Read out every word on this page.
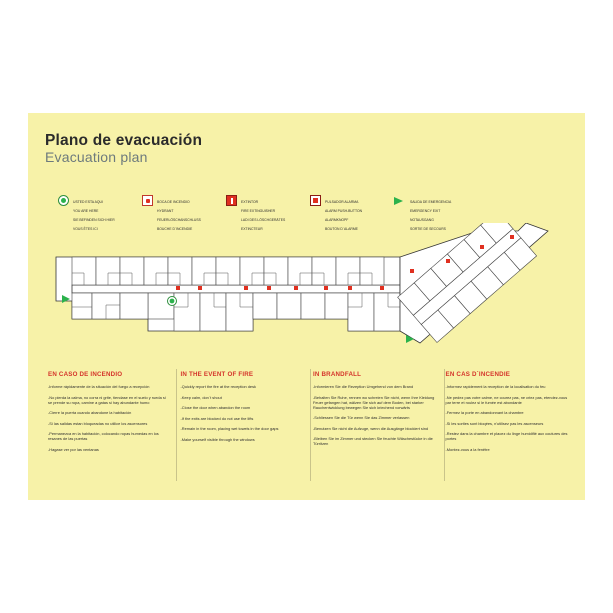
Plano de evacuación
Evacuation plan

USTED ESTA AQUI

YOU ARE HERE

SIE BEFINDEN SICH HIER

VOUS ÊTES ICI

BOCA DE INCENDIO

HYDRANT

FEUERLÖSCHANSCHLUSS

BOUCHE D´INCENDIE

EXTINTOR

FIRE EXTINGUISHER

LADI DES LÖSCHGERÄTES

EXTINCTEUR

PULSADOR ALARMA

ALARM PUSH-BUTTON

ALARMKNOPF

BOUTON D´ALARME

SALIDA DE EMERGENCIA

EMERGENCY EXIT

NOTAUSGANG

SORTIE DE SECOURS

EN CASO DE INCENDIO

-Informe rápidamente de la situación del fuego a recepción

-No pierda la calma, no corra ni grite, tiendase en el suelo y rueda si se prende su ropa, camine a gatas si hay abundante humo

-Cierre la puerta cuando abandone la habitación

-Si las salidas estan bloqueadas no utilice los ascensores

-Permanezca en la habitación, colocando ropas humedas en los resanes de las puertas

-Hagase ver por las ventanas

IN THE EVENT OF FIRE

-Quickly report the fire at the reception desk

-Keep calm, don´t shout

-Close the door when abandon the room

-If the exits are blocked do not use the lifts

-Remain in the room, placing wet towels in the door gaps

-Make yourself visible through the windows

IN BRANDFALL

-Informieren Sie die Rezeption Umgehend von dem Brand

-Behalten Sie Ruhe, rennen wo schreien Sie nicht, wenn Ihre Kleidung Feuer gefangen hat, wälzen Sie sich auf dem Boden, bei starker Rauchentwicklung bewegen Sie sich kriechend vorwärts

-Schliessen Sie die Tür wenn Sie das Zimmer verlassen

-Benutzen Sie nicht die Aufzuge, wenn die Ausgänge blockiert sind

-Bleiben Sie im Zimmer und stecken Sie feuchte Wäschestücke in die Türritzen

EN CAS D´INCENDIE

-Informez rapidement la reception de la localisation du feu

-Ne pedez pas votre calme, ne courez pas, ne criez pas, etendez-vous par terre et roulez si le fumée est abondante

-Fermez la porte en abandonnant la chambre

-Si les sorties sont bloqées, n'utilisez pas les ascenseurs

-Restez dans la chambre et placez du linge humidifié aux coutures des portes

-Montez-vous a la fenêtre
